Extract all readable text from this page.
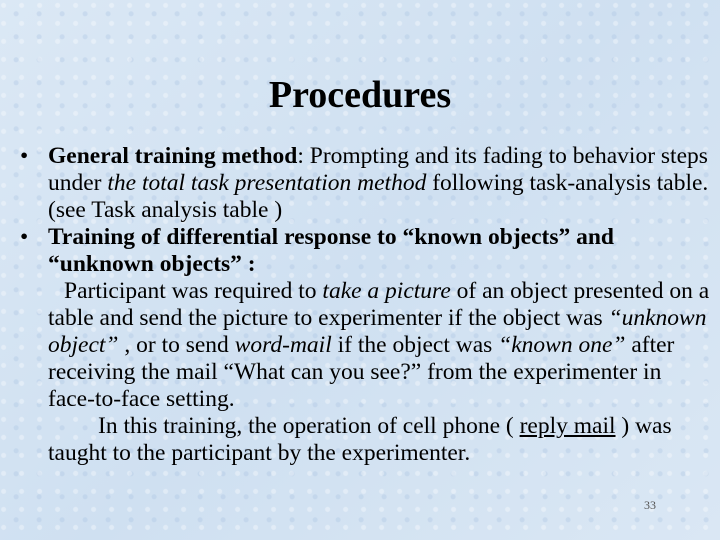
Procedures
• General training method: Prompting and its fading to behavior steps under the total task presentation method following task-analysis table. (see Task analysis table )
• Training of differential response to “known objects” and “unknown objects” :
Participant was required to take a picture of an object presented on a table and send the picture to experimenter if the object was “unknown object” , or to send word-mail if the object was “known one” after receiving the mail “What can you see?” from the experimenter in face-to-face setting.
In this training, the operation of cell phone ( reply mail ) was taught to the participant by the experimenter.
33
